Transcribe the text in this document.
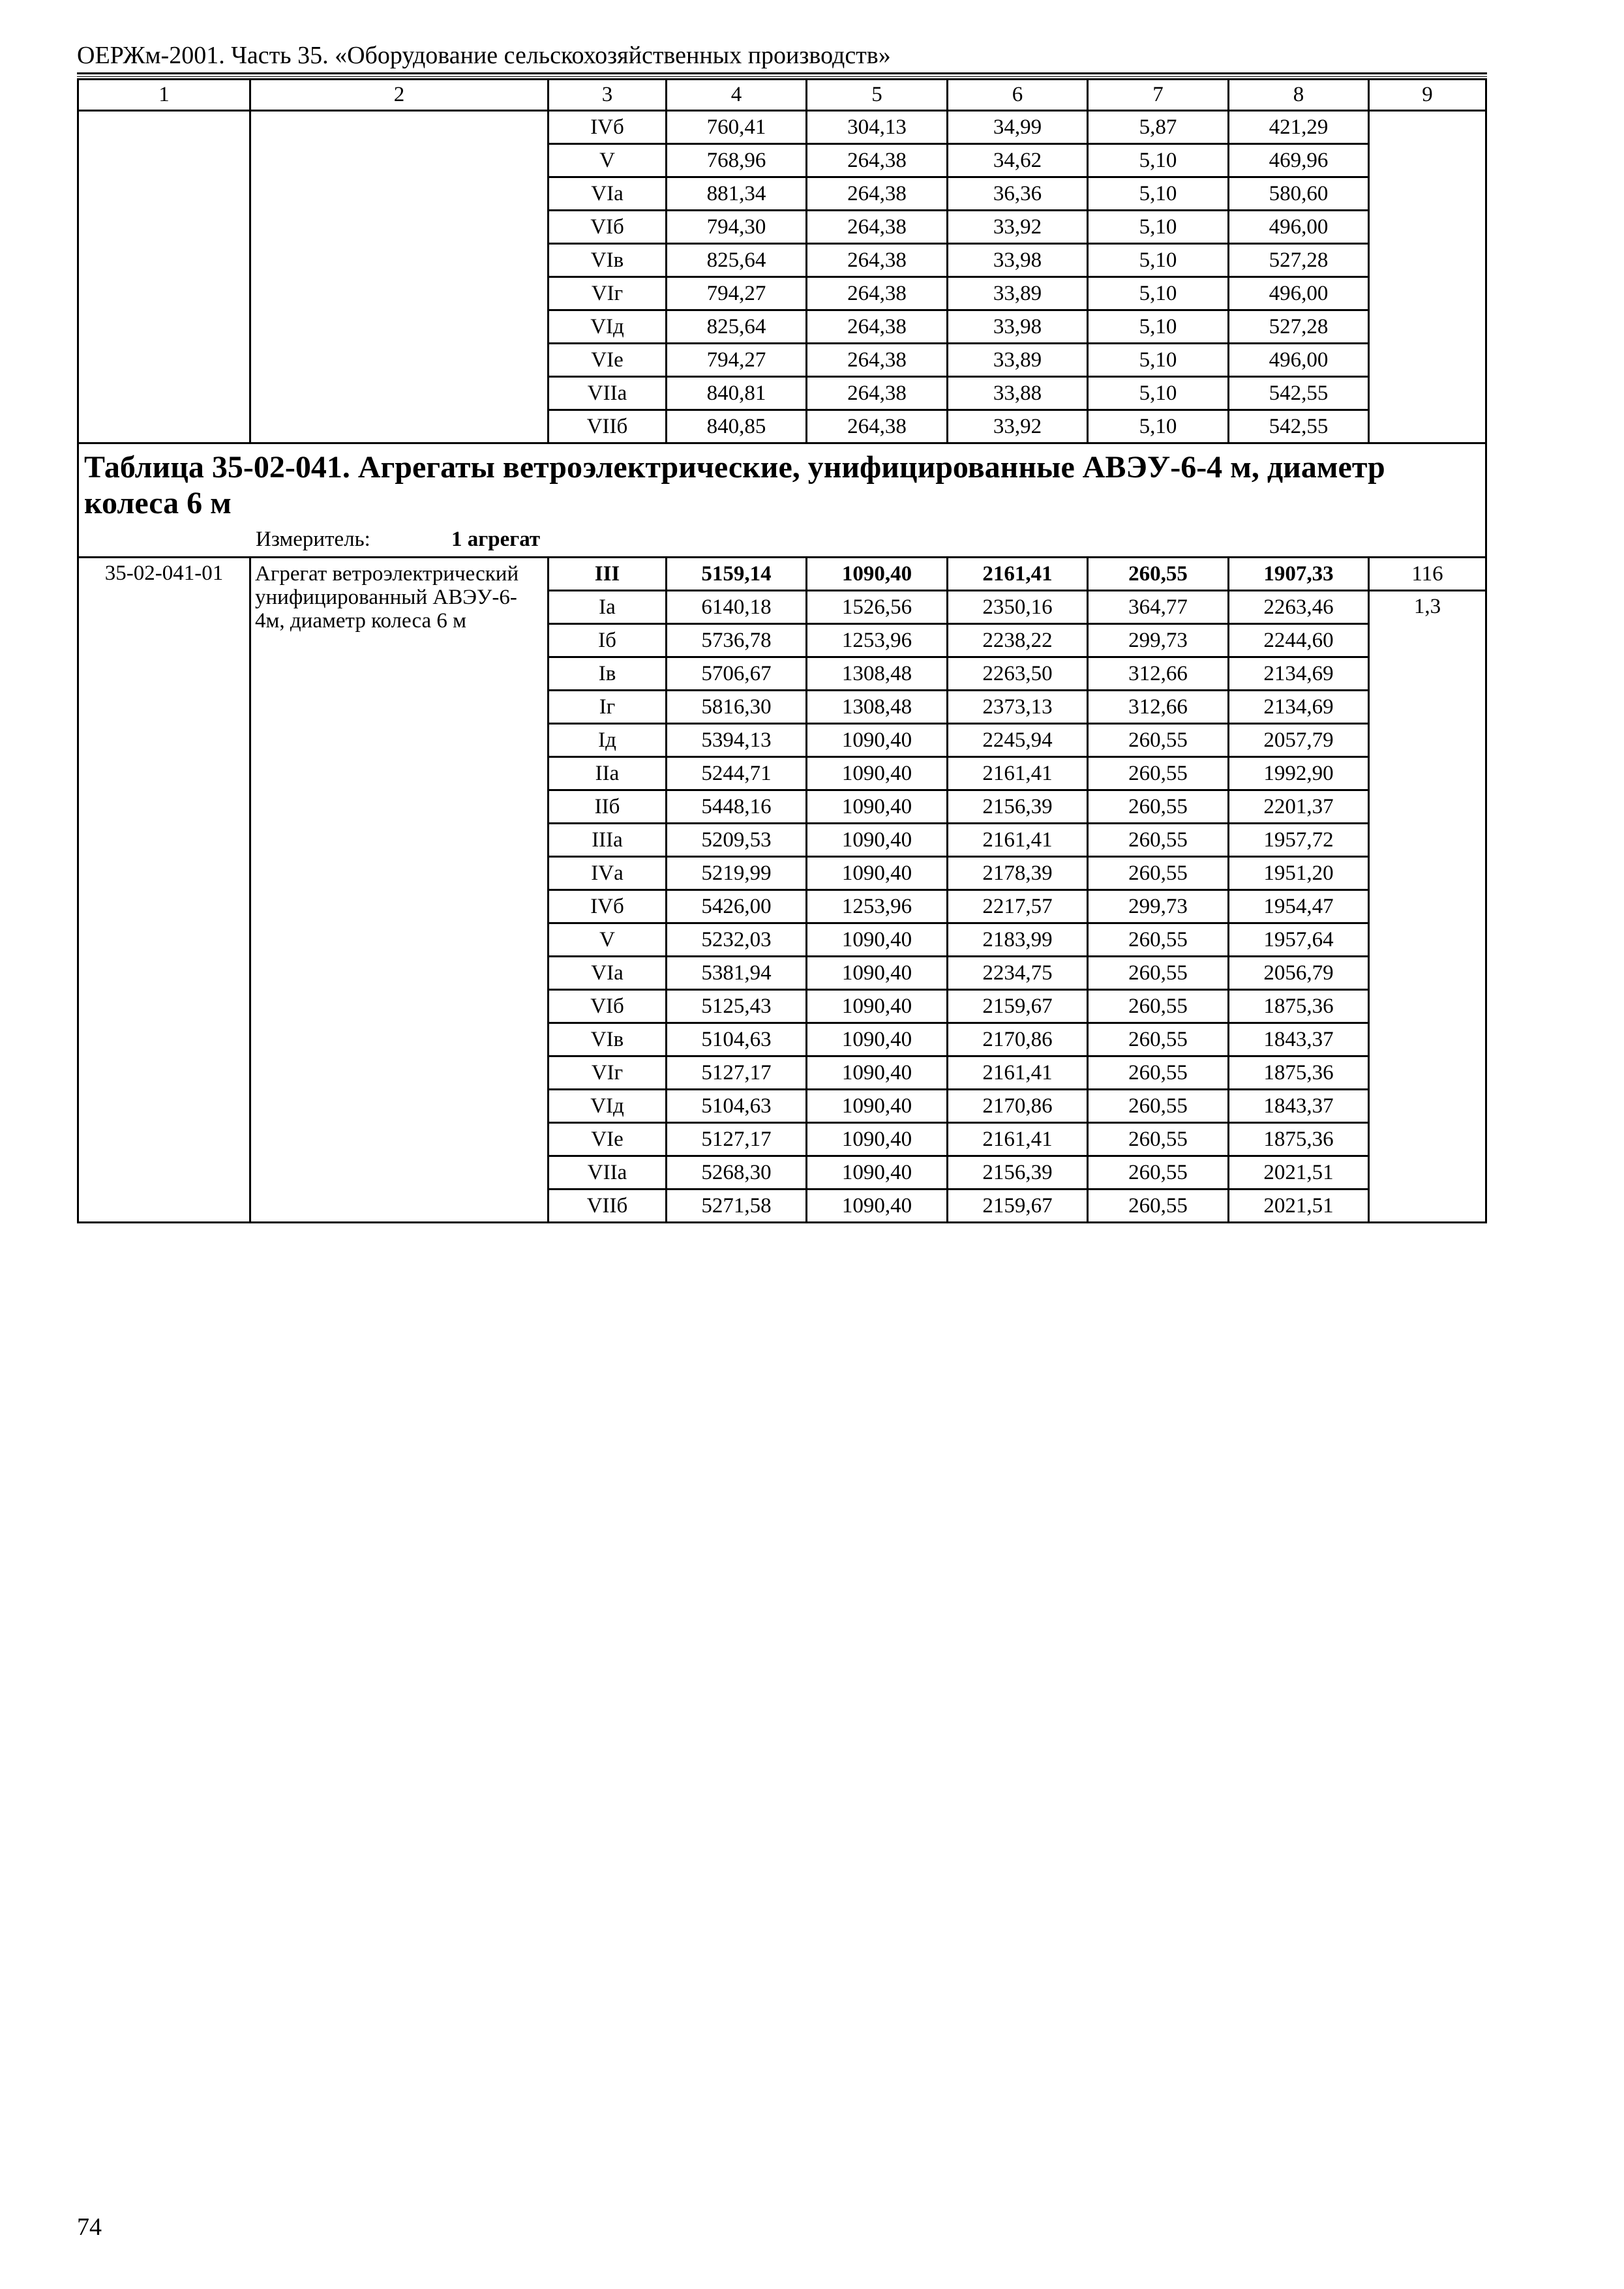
ОЕРЖм-2001. Часть 35. «Оборудование сельскохозяйственных производств»
1	2	3	4	5	6	7	8	9
		IVб	760,41	304,13	34,99	5,87	421,29	
		V	768,96	264,38	34,62	5,10	469,96	
		VIа	881,34	264,38	36,36	5,10	580,60	
		VIб	794,30	264,38	33,92	5,10	496,00	
		VIв	825,64	264,38	33,98	5,10	527,28	
		VIг	794,27	264,38	33,89	5,10	496,00	
		VIд	825,64	264,38	33,98	5,10	527,28	
		VIе	794,27	264,38	33,89	5,10	496,00	
		VIIа	840,81	264,38	33,88	5,10	542,55	
		VIIб	840,85	264,38	33,92	5,10	542,55	

Таблица 35-02-041. Агрегаты ветроэлектрические, унифицированные АВЭУ-6-4 м, диаметр колеса 6 м
Измеритель: 1 агрегат								

35-02-041-01	Агрегат ветроэлектрический унифицированный АВЭУ-6-4м, диаметр колеса 6 м	III	5159,14	1090,40	2161,41	260,55	1907,33	116
		Iа	6140,18	1526,56	2350,16	364,77	2263,46	1,3
		Iб	5736,78	1253,96	2238,22	299,73	2244,60	
		Iв	5706,67	1308,48	2263,50	312,66	2134,69	
		Iг	5816,30	1308,48	2373,13	312,66	2134,69	
		Iд	5394,13	1090,40	2245,94	260,55	2057,79	
		IIа	5244,71	1090,40	2161,41	260,55	1992,90	
		IIб	5448,16	1090,40	2156,39	260,55	2201,37	
		IIIа	5209,53	1090,40	2161,41	260,55	1957,72	
		IVа	5219,99	1090,40	2178,39	260,55	1951,20	
		IVб	5426,00	1253,96	2217,57	299,73	1954,47	
		V	5232,03	1090,40	2183,99	260,55	1957,64	
		VIа	5381,94	1090,40	2234,75	260,55	2056,79	
		VIб	5125,43	1090,40	2159,67	260,55	1875,36	
		VIв	5104,63	1090,40	2170,86	260,55	1843,37	
		VIг	5127,17	1090,40	2161,41	260,55	1875,36	
		VIд	5104,63	1090,40	2170,86	260,55	1843,37	
		VIе	5127,17	1090,40	2161,41	260,55	1875,36	
		VIIа	5268,30	1090,40	2156,39	260,55	2021,51	
		VIIб	5271,58	1090,40	2159,67	260,55	2021,51	
74
